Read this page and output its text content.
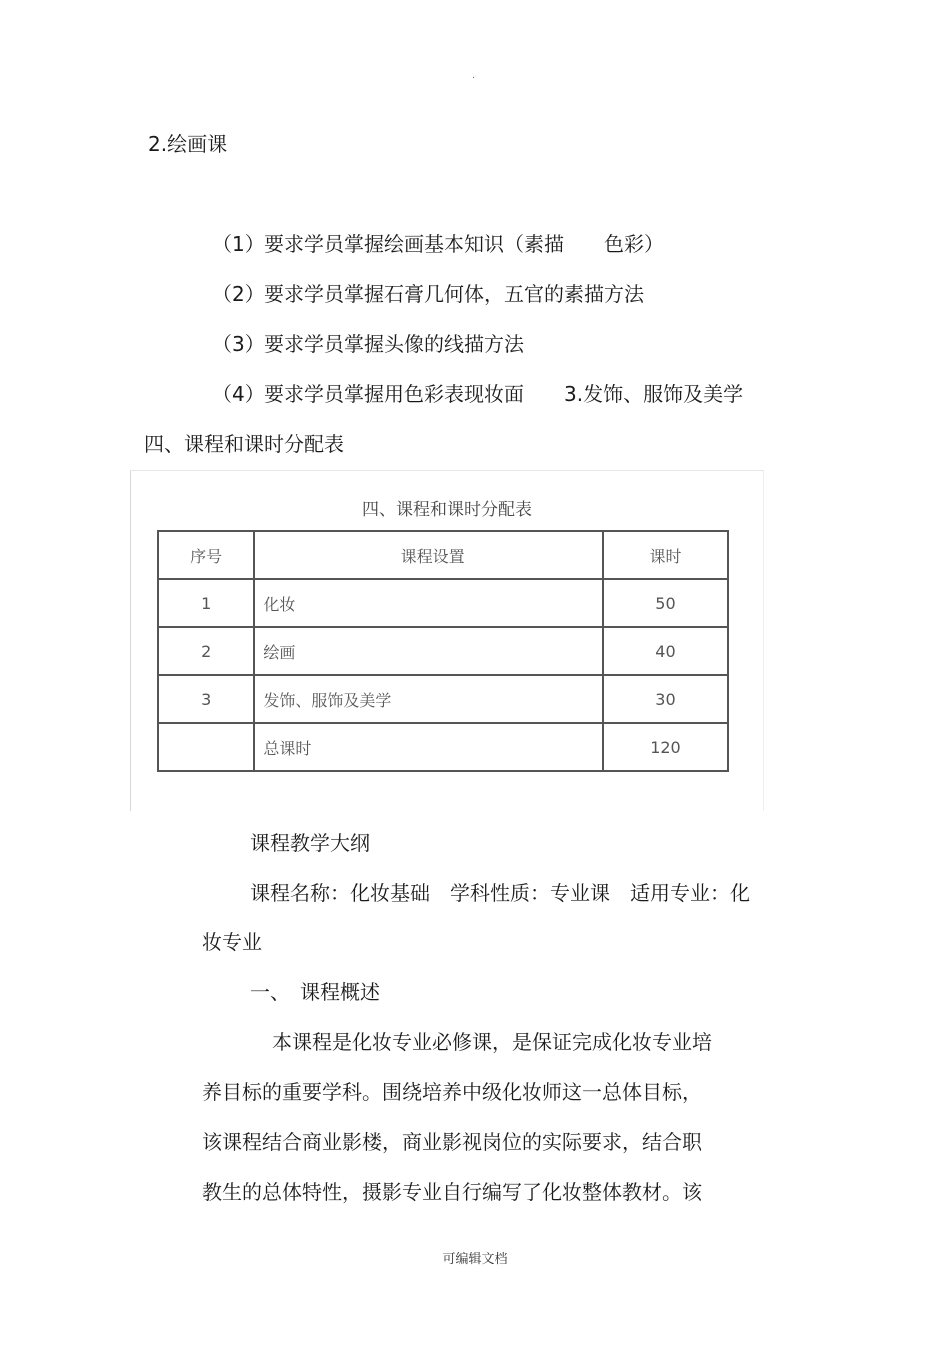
.
2.绘画课
（1）要求学员掌握绘画基本知识（素描　　色彩）
（2）要求学员掌握石膏几何体，五官的素描方法
（3）要求学员掌握头像的线描方法
（4）要求学员掌握用色彩表现妆面　　3.发饰、服饰及美学
四、课程和课时分配表
四、课程和课时分配表
序号	课程设置	课时
1	化妆	50
2	绘画	40
3	发饰、服饰及美学	30
	总课时	120
课程教学大纲
课程名称：化妆基础　学科性质：专业课　适用专业：化
妆专业
一、　课程概述
本课程是化妆专业必修课，是保证完成化妆专业培
养目标的重要学科。围绕培养中级化妆师这一总体目标，
该课程结合商业影楼，商业影视岗位的实际要求，结合职
教生的总体特性，摄影专业自行编写了化妆整体教材。该
可编辑文档
